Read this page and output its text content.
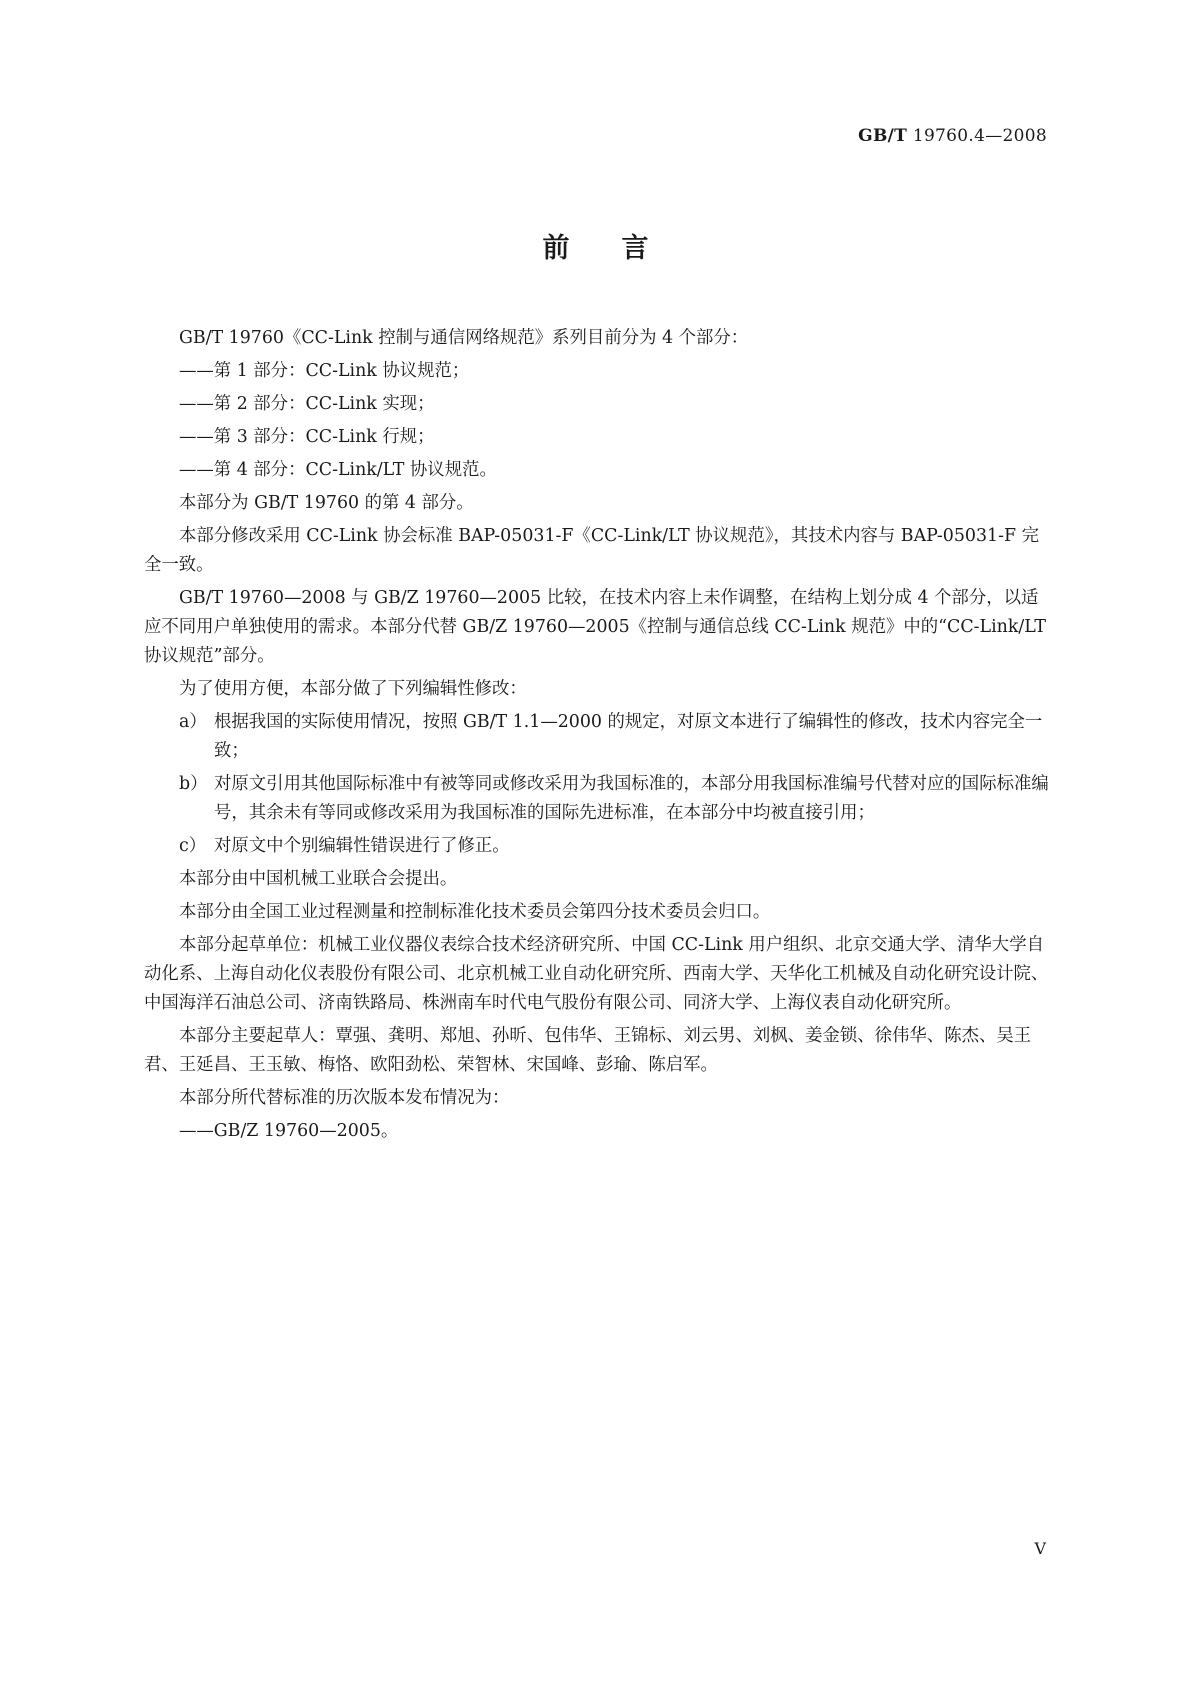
GB/T 19760.4—2008
前言

GB/T 19760《CC-Link 控制与通信网络规范》系列目前分为 4 个部分：

——第 1 部分：CC-Link 协议规范；

——第 2 部分：CC-Link 实现；

——第 3 部分：CC-Link 行规；

——第 4 部分：CC-Link/LT 协议规范。

本部分为 GB/T 19760 的第 4 部分。

本部分修改采用 CC-Link 协会标准 BAP-05031-F《CC-Link/LT 协议规范》，其技术内容与 BAP-05031-F 完全一致。

GB/T 19760—2008 与 GB/Z 19760—2005 比较，在技术内容上未作调整，在结构上划分成 4 个部分，以适应不同用户单独使用的需求。本部分代替 GB/Z 19760—2005《控制与通信总线 CC-Link 规范》中的“CC-Link/LT 协议规范”部分。

为了使用方便，本部分做了下列编辑性修改：

a） 根据我国的实际使用情况，按照 GB/T 1.1—2000 的规定，对原文本进行了编辑性的修改，技术内容完全一致；
b） 对原文引用其他国际标准中有被等同或修改采用为我国标准的，本部分用我国标准编号代替对应的国际标准编号，其余未有等同或修改采用为我国标准的国际先进标准，在本部分中均被直接引用；
c） 对原文中个别编辑性错误进行了修正。

本部分由中国机械工业联合会提出。

本部分由全国工业过程测量和控制标准化技术委员会第四分技术委员会归口。

本部分起草单位：机械工业仪器仪表综合技术经济研究所、中国 CC-Link 用户组织、北京交通大学、清华大学自动化系、上海自动化仪表股份有限公司、北京机械工业自动化研究所、西南大学、天华化工机械及自动化研究设计院、中国海洋石油总公司、济南铁路局、株洲南车时代电气股份有限公司、同济大学、上海仪表自动化研究所。

本部分主要起草人：覃强、龚明、郑旭、孙昕、包伟华、王锦标、刘云男、刘枫、姜金锁、徐伟华、陈杰、吴王君、王延昌、王玉敏、梅恪、欧阳劲松、荣智林、宋国峰、彭瑜、陈启军。

本部分所代替标准的历次版本发布情况为：

——GB/Z 19760—2005。

V
